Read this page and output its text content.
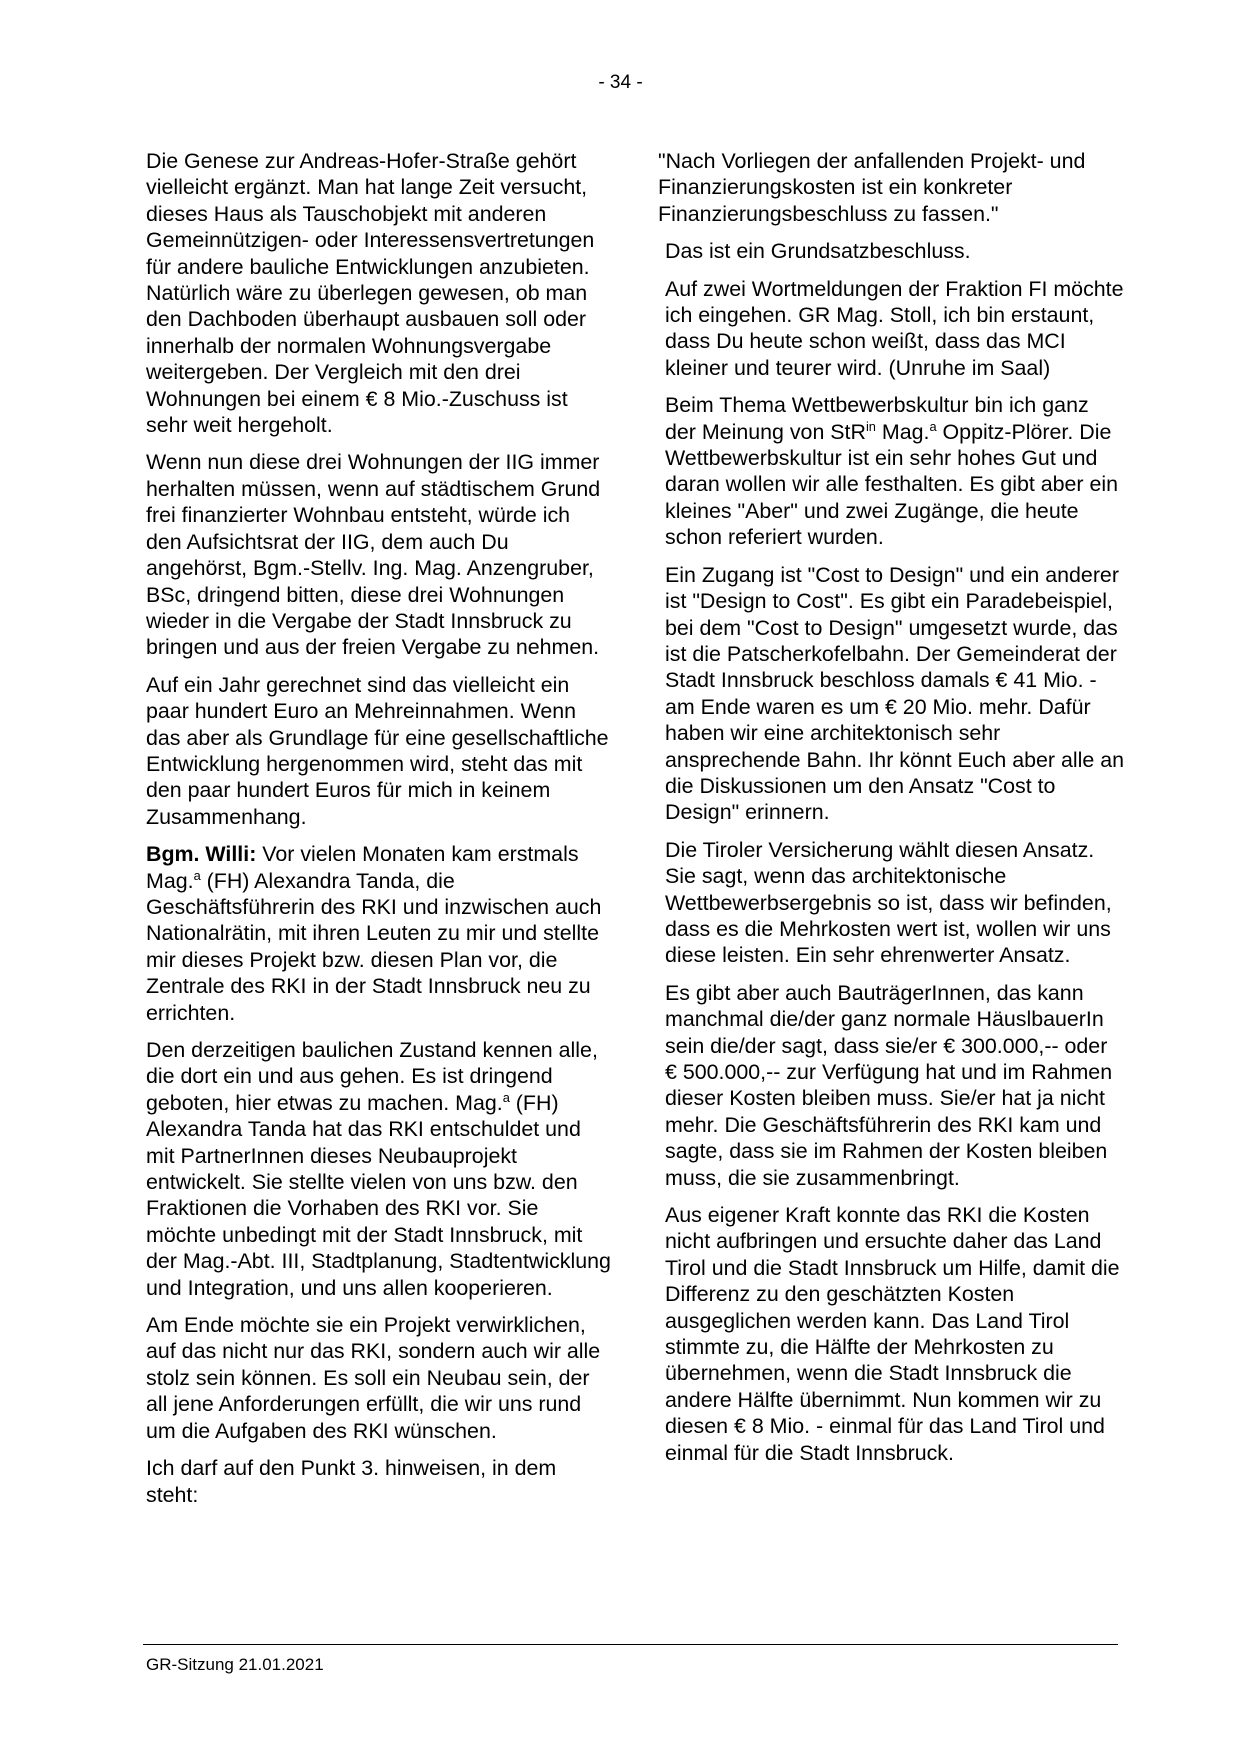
- 34 -

Die Genese zur Andreas-Hofer-Straße gehört vielleicht ergänzt. Man hat lange Zeit versucht, dieses Haus als Tauschobjekt mit anderen Gemeinnützigen- oder Interessensvertretungen für andere bauliche Entwicklungen anzubieten. Natürlich wäre zu überlegen gewesen, ob man den Dachboden überhaupt ausbauen soll oder innerhalb der normalen Wohnungsvergabe weitergeben. Der Vergleich mit den drei Wohnungen bei einem € 8 Mio.-Zuschuss ist sehr weit hergeholt.

Wenn nun diese drei Wohnungen der IIG immer herhalten müssen, wenn auf städtischem Grund frei finanzierter Wohnbau entsteht, würde ich den Aufsichtsrat der IIG, dem auch Du angehörst, Bgm.-Stellv. Ing. Mag. Anzengruber, BSc, dringend bitten, diese drei Wohnungen wieder in die Vergabe der Stadt Innsbruck zu bringen und aus der freien Vergabe zu nehmen.

Auf ein Jahr gerechnet sind das vielleicht ein paar hundert Euro an Mehreinnahmen. Wenn das aber als Grundlage für eine gesellschaftliche Entwicklung hergenommen wird, steht das mit den paar hundert Euros für mich in keinem Zusammenhang.

Bgm. Willi: Vor vielen Monaten kam erstmals Mag.$^a$ (FH) Alexandra Tanda, die Geschäftsführerin des RKI und inzwischen auch Nationalrätin, mit ihren Leuten zu mir und stellte mir dieses Projekt bzw. diesen Plan vor, die Zentrale des RKI in der Stadt Innsbruck neu zu errichten.

Den derzeitigen baulichen Zustand kennen alle, die dort ein und aus gehen. Es ist dringend geboten, hier etwas zu machen. Mag.$^a$ (FH) Alexandra Tanda hat das RKI entschuldet und mit PartnerInnen dieses Neubauprojekt entwickelt. Sie stellte vielen von uns bzw. den Fraktionen die Vorhaben des RKI vor. Sie möchte unbedingt mit der Stadt Innsbruck, mit der Mag.-Abt. III, Stadtplanung, Stadtentwicklung und Integration, und uns allen kooperieren.

Am Ende möchte sie ein Projekt verwirklichen, auf das nicht nur das RKI, sondern auch wir alle stolz sein können. Es soll ein Neubau sein, der all jene Anforderungen erfüllt, die wir uns rund um die Aufgaben des RKI wünschen.

Ich darf auf den Punkt 3. hinweisen, in dem steht:

"Nach Vorliegen der anfallenden Projekt- und Finanzierungskosten ist ein konkreter Finanzierungsbeschluss zu fassen."

Das ist ein Grundsatzbeschluss.

Auf zwei Wortmeldungen der Fraktion FI möchte ich eingehen. GR Mag. Stoll, ich bin erstaunt, dass Du heute schon weißt, dass das MCI kleiner und teurer wird. (Unruhe im Saal)

Beim Thema Wettbewerbskultur bin ich ganz der Meinung von StR$^{in}$ Mag.$^a$ Oppitz-Plörer. Die Wettbewerbskultur ist ein sehr hohes Gut und daran wollen wir alle festhalten. Es gibt aber ein kleines "Aber" und zwei Zugänge, die heute schon referiert wurden.

Ein Zugang ist "Cost to Design" und ein anderer ist "Design to Cost". Es gibt ein Paradebeispiel, bei dem "Cost to Design" umgesetzt wurde, das ist die Patscherkofelbahn. Der Gemeinderat der Stadt Innsbruck beschloss damals € 41 Mio. - am Ende waren es um € 20 Mio. mehr. Dafür haben wir eine architektonisch sehr ansprechende Bahn. Ihr könnt Euch aber alle an die Diskussionen um den Ansatz "Cost to Design" erinnern.

Die Tiroler Versicherung wählt diesen Ansatz. Sie sagt, wenn das architektonische Wettbewerbsergebnis so ist, dass wir befinden, dass es die Mehrkosten wert ist, wollen wir uns diese leisten. Ein sehr ehrenwerter Ansatz.

Es gibt aber auch BauträgerInnen, das kann manchmal die/der ganz normale HäuslbauerIn sein die/der sagt, dass sie/er € 300.000,-- oder € 500.000,-- zur Verfügung hat und im Rahmen dieser Kosten bleiben muss. Sie/er hat ja nicht mehr. Die Geschäftsführerin des RKI kam und sagte, dass sie im Rahmen der Kosten bleiben muss, die sie zusammenbringt.

Aus eigener Kraft konnte das RKI die Kosten nicht aufbringen und ersuchte daher das Land Tirol und die Stadt Innsbruck um Hilfe, damit die Differenz zu den geschätzten Kosten ausgeglichen werden kann. Das Land Tirol stimmte zu, die Hälfte der Mehrkosten zu übernehmen, wenn die Stadt Innsbruck die andere Hälfte übernimmt. Nun kommen wir zu diesen € 8 Mio. - einmal für das Land Tirol und einmal für die Stadt Innsbruck.

GR-Sitzung 21.01.2021
